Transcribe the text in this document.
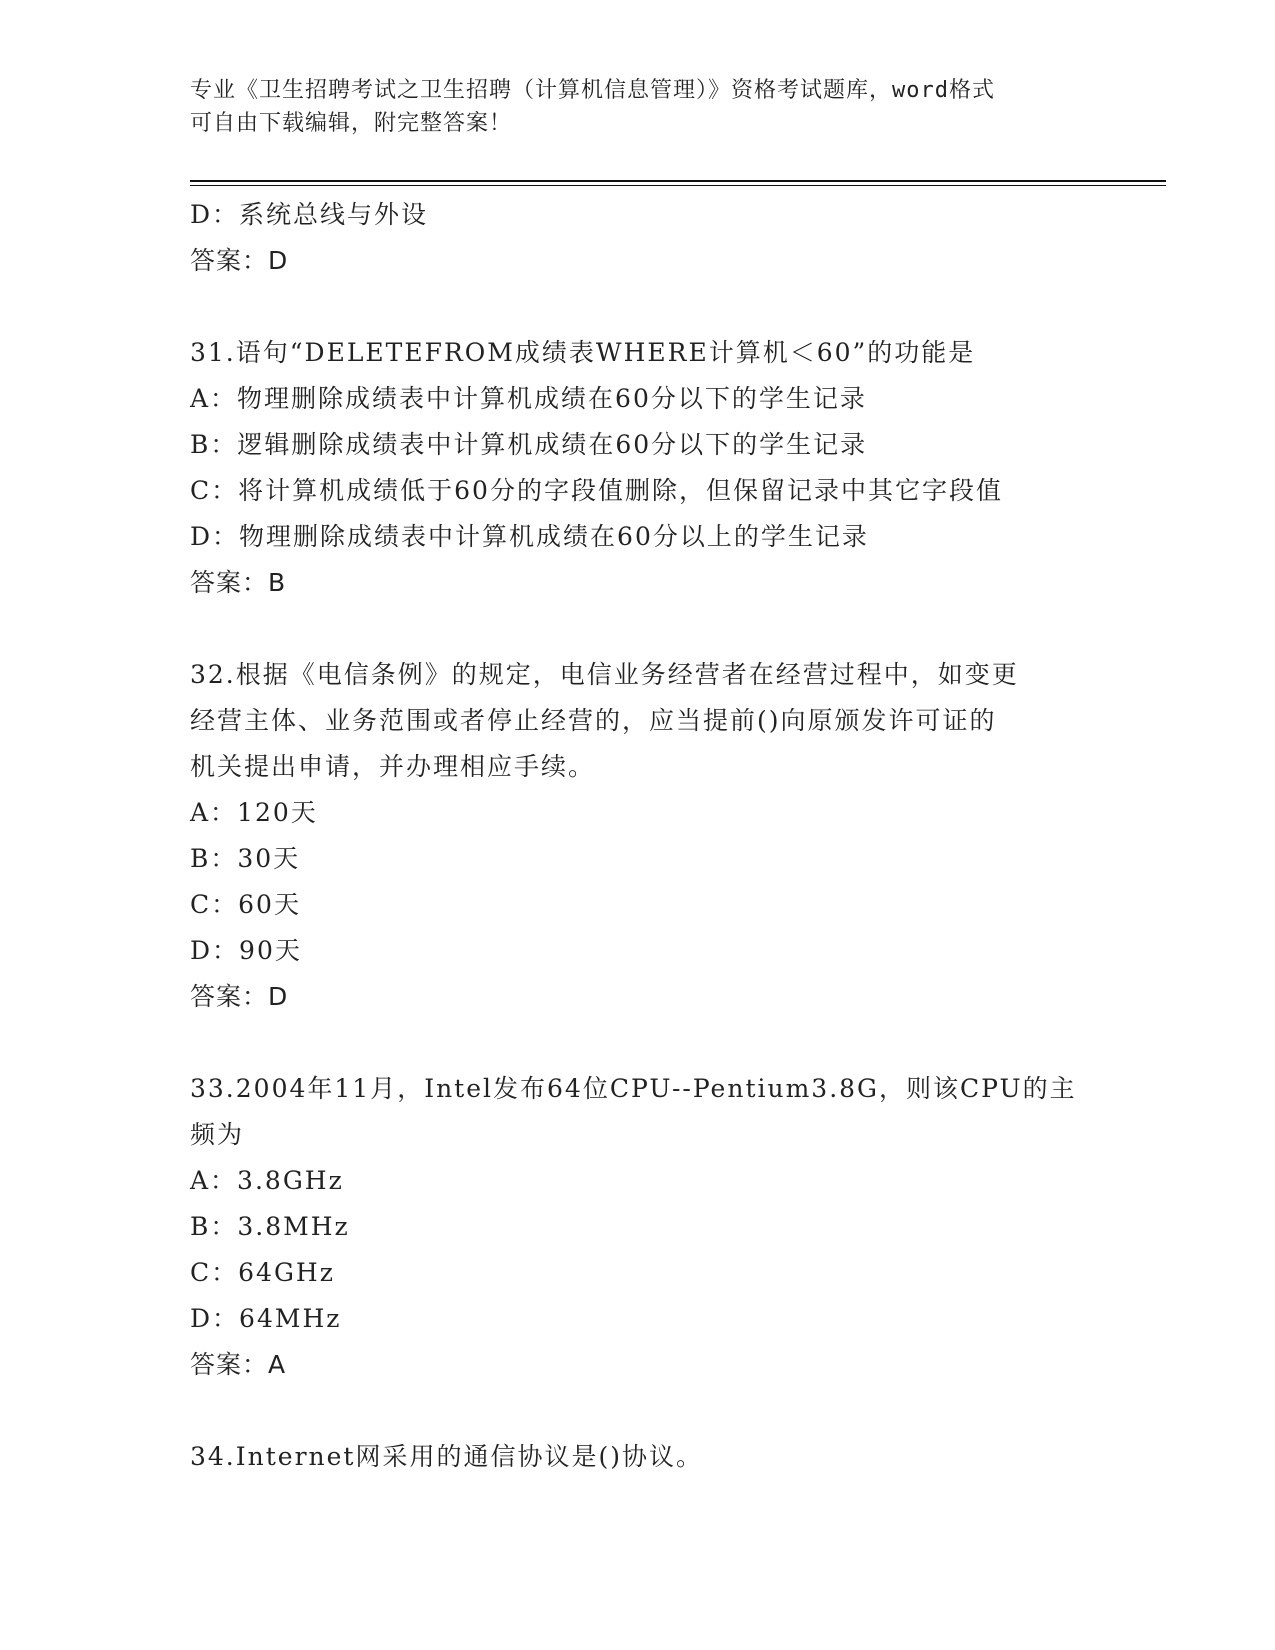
专业《卫生招聘考试之卫生招聘（计算机信息管理）》资格考试题库，word格式
可自由下载编辑，附完整答案！
D：系统总线与外设
答案：D
31.语句“DELETEFROM成绩表WHERE计算机＜60”的功能是
A：物理删除成绩表中计算机成绩在60分以下的学生记录
B：逻辑删除成绩表中计算机成绩在60分以下的学生记录
C：将计算机成绩低于60分的字段值删除，但保留记录中其它字段值
D：物理删除成绩表中计算机成绩在60分以上的学生记录
答案：B
32.根据《电信条例》的规定，电信业务经营者在经营过程中，如变更
经营主体、业务范围或者停止经营的，应当提前()向原颁发许可证的
机关提出申请，并办理相应手续。
A：120天
B：30天
C：60天
D：90天
答案：D
33.2004年11月，Intel发布64位CPU--Pentium3.8G，则该CPU的主
频为
A：3.8GHz
B：3.8MHz
C：64GHz
D：64MHz
答案：A
34.Internet网采用的通信协议是()协议。
